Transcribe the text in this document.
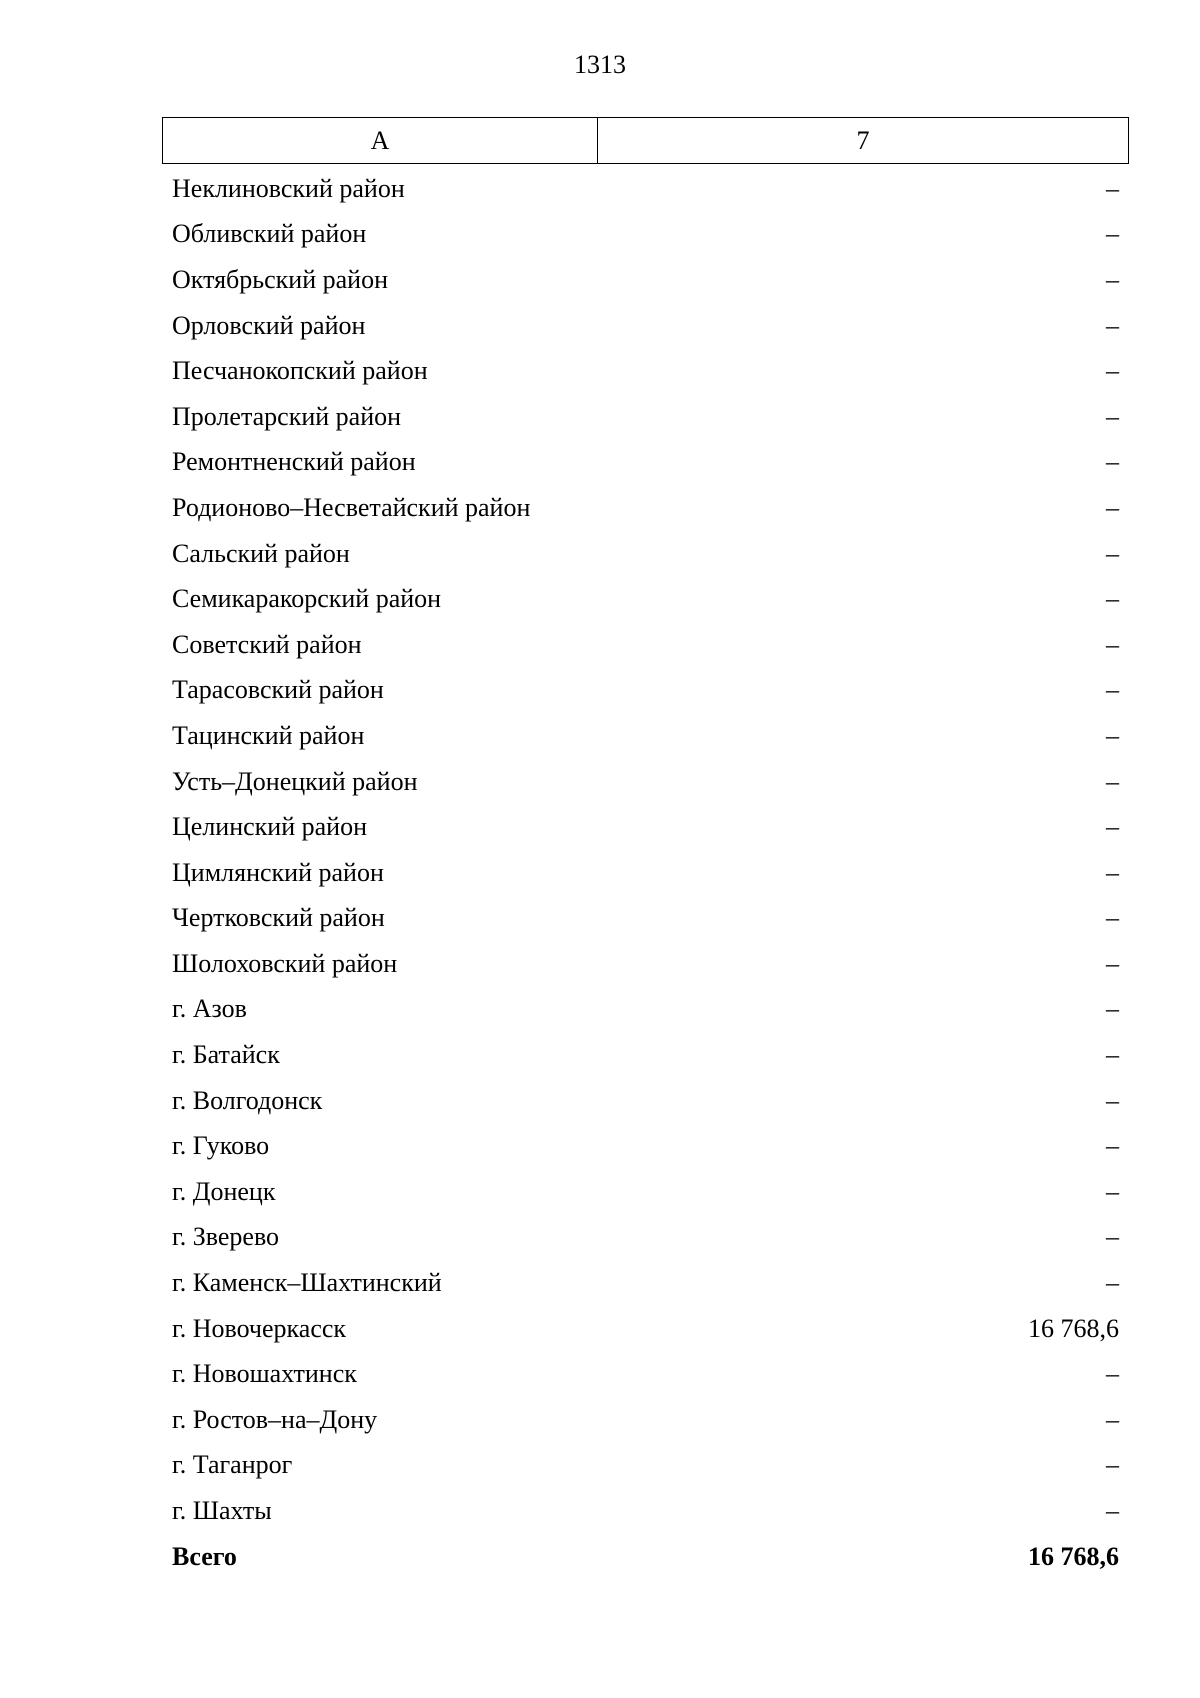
1313
А	7
Неклиновский район	–
Обливский район	–
Октябрьский район	–
Орловский район	–
Песчанокопский район	–
Пролетарский район	–
Ремонтненский район	–
Родионово–Несветайский район	–
Сальский район	–
Семикаракорский район	–
Советский район	–
Тарасовский район	–
Тацинский район	–
Усть–Донецкий район	–
Целинский район	–
Цимлянский район	–
Чертковский район	–
Шолоховский район	–
г. Азов	–
г. Батайск	–
г. Волгодонск	–
г. Гуково	–
г. Донецк	–
г. Зверево	–
г. Каменск–Шахтинский	–
г. Новочеркасск	16 768,6
г. Новошахтинск	–
г. Ростов–на–Дону	–
г. Таганрог	–
г. Шахты	–
Всего	16 768,6
